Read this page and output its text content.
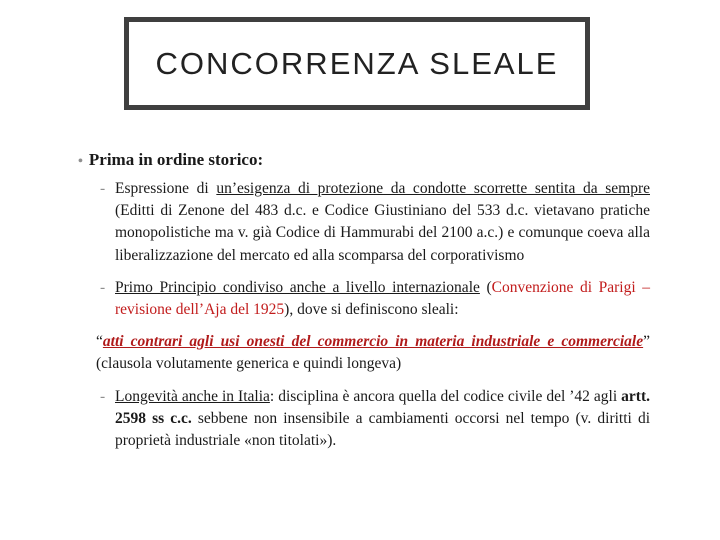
CONCORRENZA SLEALE
• Prima in ordine storico:
- Espressione di un’esigenza di protezione da condotte scorrette sentita da sempre (Editti di Zenone del 483 d.c. e Codice Giustiniano del 533 d.c. vietavano pratiche monopolistiche ma v. già Codice di Hammurabi del 2100 a.c.) e comunque coeva alla liberalizzazione del mercato ed alla scomparsa del corporativismo
- Primo Principio condiviso anche a livello internazionale (Convenzione di Parigi – revisione dell’Aja del 1925), dove si definiscono sleali:
“atti contrari agli usi onesti del commercio in materia industriale e commerciale” (clausola volutamente generica e quindi longeva)
- Longevità anche in Italia: disciplina è ancora quella del codice civile del ’42 agli artt. 2598 ss c.c. sebbene non insensibile a cambiamenti occorsi nel tempo (v. diritti di proprietà industriale «non titolati»).
